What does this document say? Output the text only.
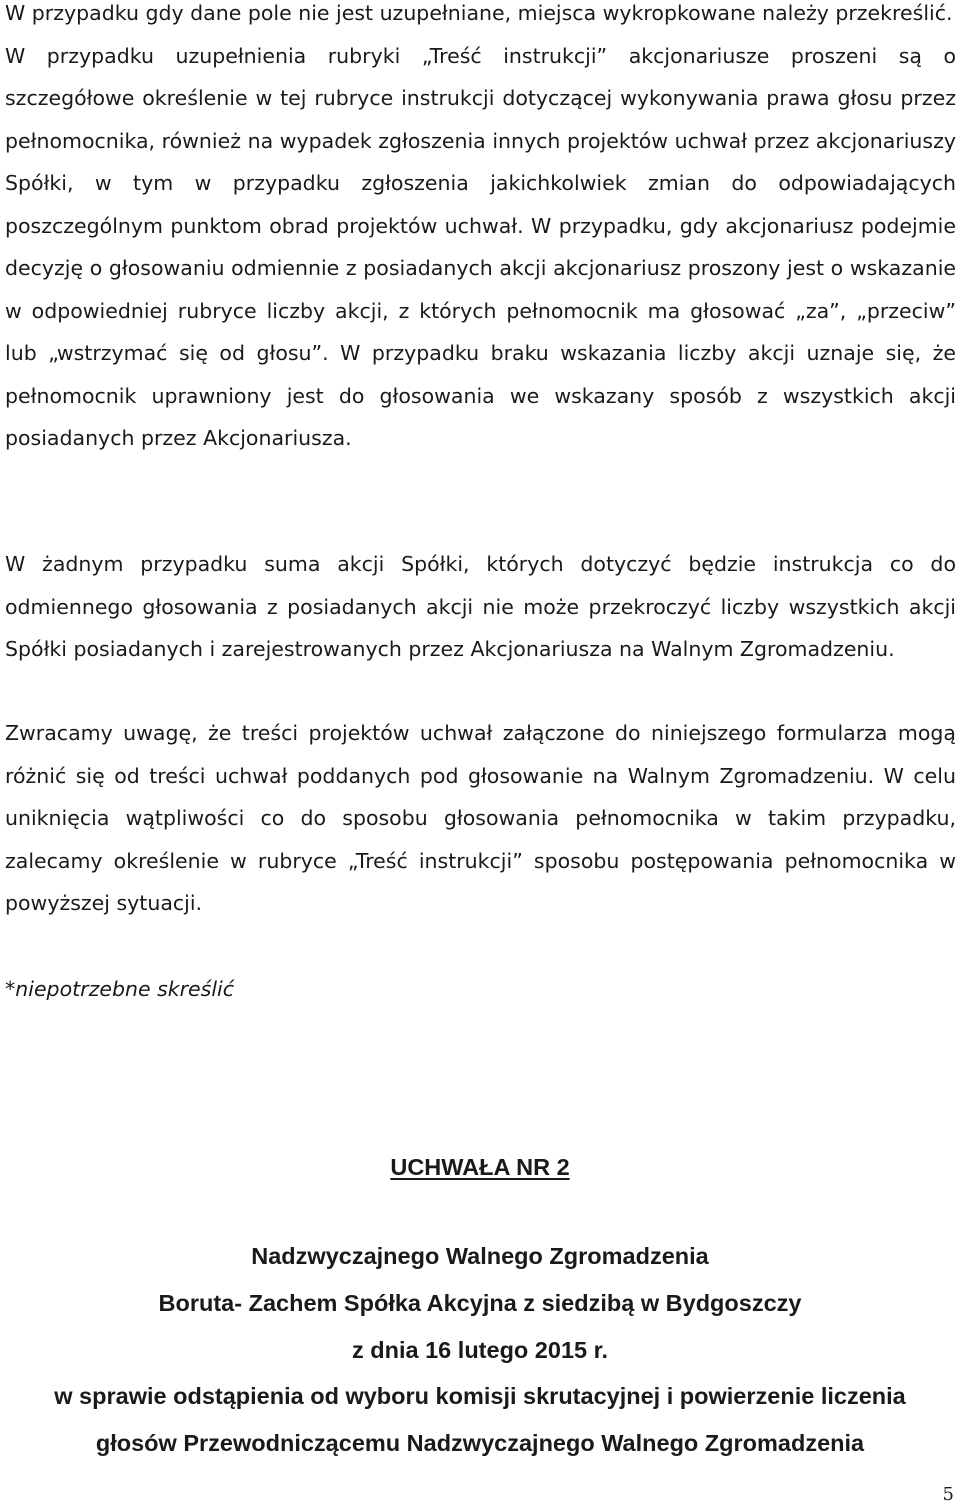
W przypadku gdy dane pole nie jest uzupełniane, miejsca wykropkowane należy przekreślić.

W przypadku uzupełnienia rubryki „Treść instrukcji” akcjonariusze proszeni są o szczegółowe określenie w tej rubryce instrukcji dotyczącej wykonywania prawa głosu przez pełnomocnika, również na wypadek zgłoszenia innych projektów uchwał przez akcjonariuszy Spółki, w tym w przypadku zgłoszenia jakichkolwiek zmian do odpowiadających poszczególnym punktom obrad projektów uchwał. W przypadku, gdy akcjonariusz podejmie decyzję o głosowaniu odmiennie z posiadanych akcji akcjonariusz proszony jest o wskazanie w odpowiedniej rubryce liczby akcji, z których pełnomocnik ma głosować „za”, „przeciw” lub „wstrzymać się od głosu”. W przypadku braku wskazania liczby akcji uznaje się, że pełnomocnik uprawniony jest do głosowania we wskazany sposób z wszystkich akcji posiadanych przez Akcjonariusza.

W żadnym przypadku suma akcji Spółki, których dotyczyć będzie instrukcja co do odmiennego głosowania z posiadanych akcji nie może przekroczyć liczby wszystkich akcji Spółki posiadanych i zarejestrowanych przez Akcjonariusza na Walnym Zgromadzeniu.

Zwracamy uwagę, że treści projektów uchwał załączone do niniejszego formularza mogą różnić się od treści uchwał poddanych pod głosowanie na Walnym Zgromadzeniu. W celu uniknięcia wątpliwości co do sposobu głosowania pełnomocnika w takim przypadku, zalecamy określenie w rubryce „Treść instrukcji” sposobu postępowania pełnomocnika w powyższej sytuacji.

*niepotrzebne skreślić

UCHWAŁA NR 2

Nadzwyczajnego Walnego Zgromadzenia

Boruta- Zachem Spółka Akcyjna z siedzibą w Bydgoszczy

z dnia 16 lutego 2015 r.

w sprawie odstąpienia od wyboru komisji skrutacyjnej i powierzenie liczenia

głosów Przewodniczącemu Nadzwyczajnego Walnego Zgromadzenia

5
